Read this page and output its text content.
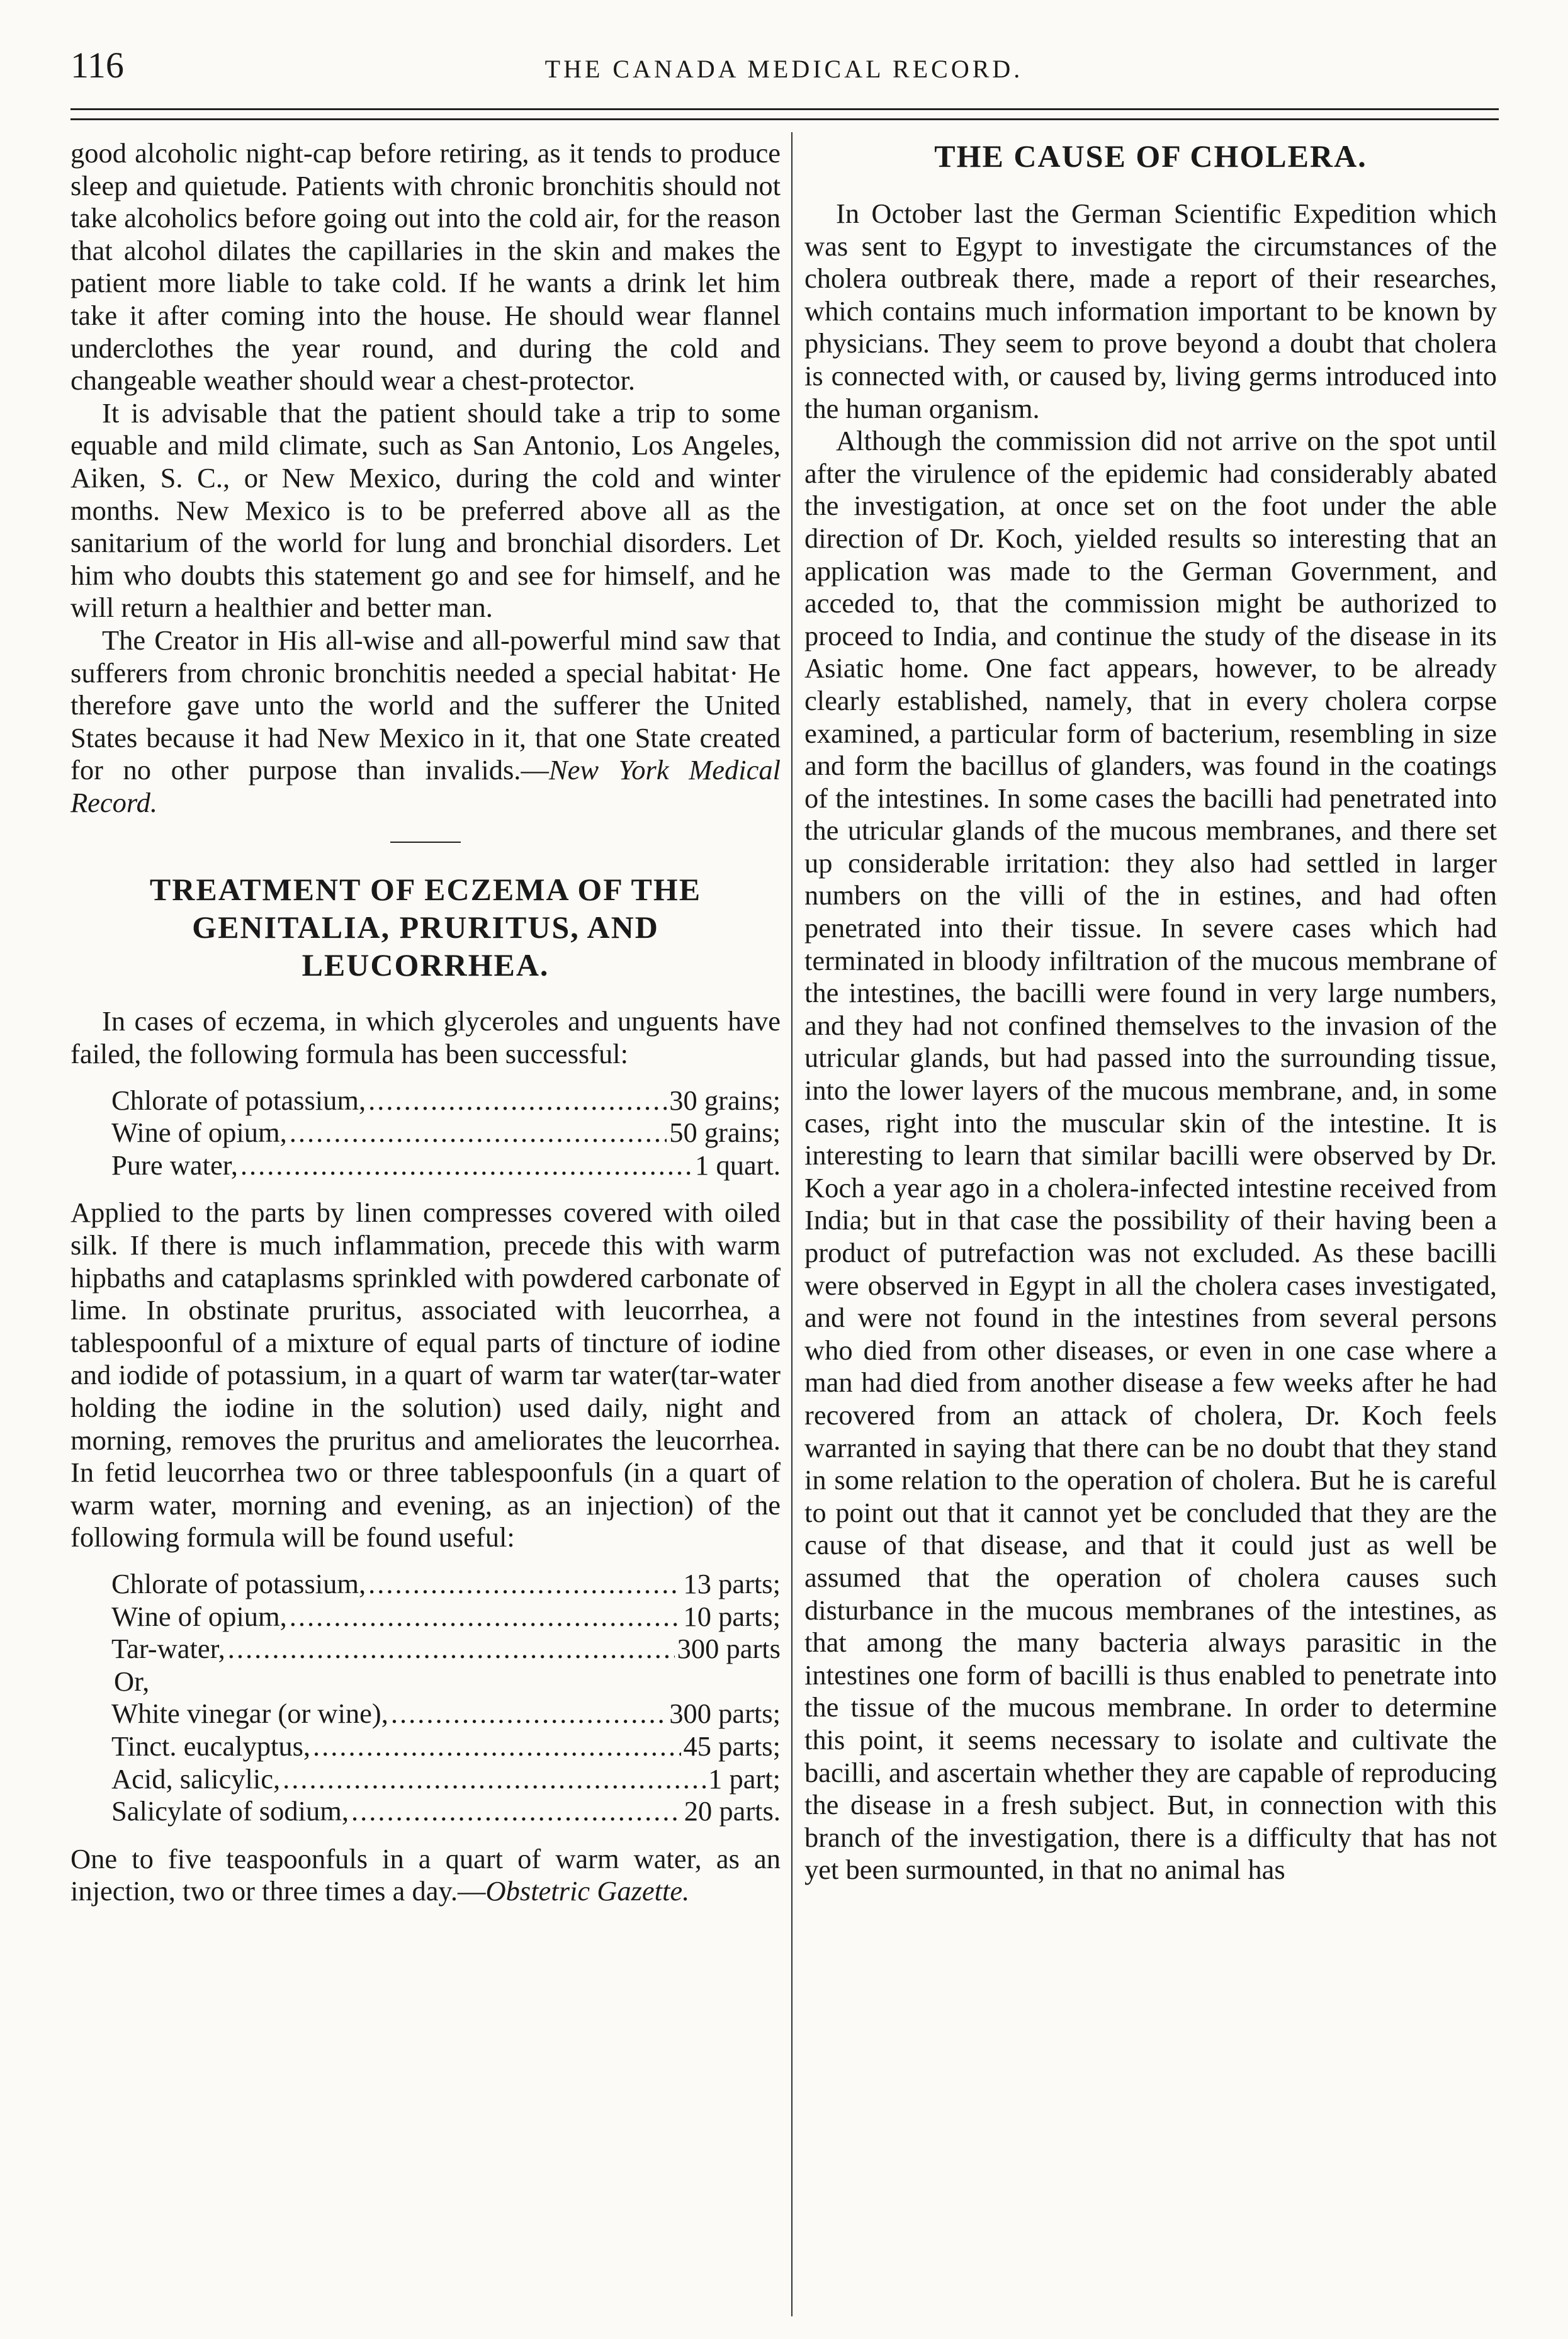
116	THE CANADA MEDICAL RECORD.

good alcoholic night-cap before retiring, as it tends to produce sleep and quietude. Patients with chronic bronchitis should not take alcoholics before going out into the cold air, for the reason that alcohol dilates the capillaries in the skin and makes the patient more liable to take cold. If he wants a drink let him take it after coming into the house. He should wear flannel underclothes the year round, and during the cold and changeable weather should wear a chest-protector.

It is advisable that the patient should take a trip to some equable and mild climate, such as San Antonio, Los Angeles, Aiken, S. C., or New Mexico, during the cold and winter months. New Mexico is to be preferred above all as the sanitarium of the world for lung and bronchial disorders. Let him who doubts this statement go and see for himself, and he will return a healthier and better man.

The Creator in His all-wise and all-powerful mind saw that sufferers from chronic bronchitis needed a special habitat· He therefore gave unto the world and the sufferer the United States because it had New Mexico in it, that one State created for no other purpose than invalids.—New York Medical Record.

TREATMENT OF ECZEMA OF THE GENITALIA, PRURITUS, AND LEUCORRHEA.

In cases of eczema, in which glyceroles and unguents have failed, the following formula has been successful:

Chlorate of potassium, .....	30 grains;
Wine of opium, .....	50 grains;
Pure water, .....	1 quart.

Applied to the parts by linen compresses covered with oiled silk. If there is much inflammation, precede this with warm hipbaths and cataplasms sprinkled with powdered carbonate of lime. In obstinate pruritus, associated with leucorrhea, a tablespoonful of a mixture of equal parts of tincture of iodine and iodide of potassium, in a quart of warm tar water(tar-water holding the iodine in the solution) used daily, night and morning, removes the pruritus and ameliorates the leucorrhea. In fetid leucorrhea two or three tablespoonfuls (in a quart of warm water, morning and evening, as an injection) of the following formula will be found useful:

Chlorate of potassium, .....	13 parts;
Wine of opium, .....	10 parts;
Tar-water, .....	300 parts
Or,
White vinegar (or wine), .....	300 parts;
Tinct. eucalyptus, .....	45 parts;
Acid, salicylic, .....	1 part;
Salicylate of sodium, .....	20 parts.

One to five teaspoonfuls in a quart of warm water, as an injection, two or three times a day.—Obstetric Gazette.

THE CAUSE OF CHOLERA.

In October last the German Scientific Expedition which was sent to Egypt to investigate the circumstances of the cholera outbreak there, made a report of their researches, which contains much information important to be known by physicians. They seem to prove beyond a doubt that cholera is connected with, or caused by, living germs introduced into the human organism.

Although the commission did not arrive on the spot until after the virulence of the epidemic had considerably abated the investigation, at once set on the foot under the able direction of Dr. Koch, yielded results so interesting that an application was made to the German Government, and acceded to, that the commission might be authorized to proceed to India, and continue the study of the disease in its Asiatic home. One fact appears, however, to be already clearly established, namely, that in every cholera corpse examined, a particular form of bacterium, resembling in size and form the bacillus of glanders, was found in the coatings of the intestines. In some cases the bacilli had penetrated into the utricular glands of the mucous membranes, and there set up considerable irritation: they also had settled in larger numbers on the villi of the in estines, and had often penetrated into their tissue. In severe cases which had terminated in bloody infiltration of the mucous membrane of the intestines, the bacilli were found in very large numbers, and they had not confined themselves to the invasion of the utricular glands, but had passed into the surrounding tissue, into the lower layers of the mucous membrane, and, in some cases, right into the muscular skin of the intestine. It is interesting to learn that similar bacilli were observed by Dr. Koch a year ago in a cholera-infected intestine received from India; but in that case the possibility of their having been a product of putrefaction was not excluded. As these bacilli were observed in Egypt in all the cholera cases investigated, and were not found in the intestines from several persons who died from other diseases, or even in one case where a man had died from another disease a few weeks after he had recovered from an attack of cholera, Dr. Koch feels warranted in saying that there can be no doubt that they stand in some relation to the operation of cholera. But he is careful to point out that it cannot yet be concluded that they are the cause of that disease, and that it could just as well be assumed that the operation of cholera causes such disturbance in the mucous membranes of the intestines, as that among the many bacteria always parasitic in the intestines one form of bacilli is thus enabled to penetrate into the tissue of the mucous membrane. In order to determine this point, it seems necessary to isolate and cultivate the bacilli, and ascertain whether they are capable of reproducing the disease in a fresh subject. But, in connection with this branch of the investigation, there is a difficulty that has not yet been surmounted, in that no animal has
